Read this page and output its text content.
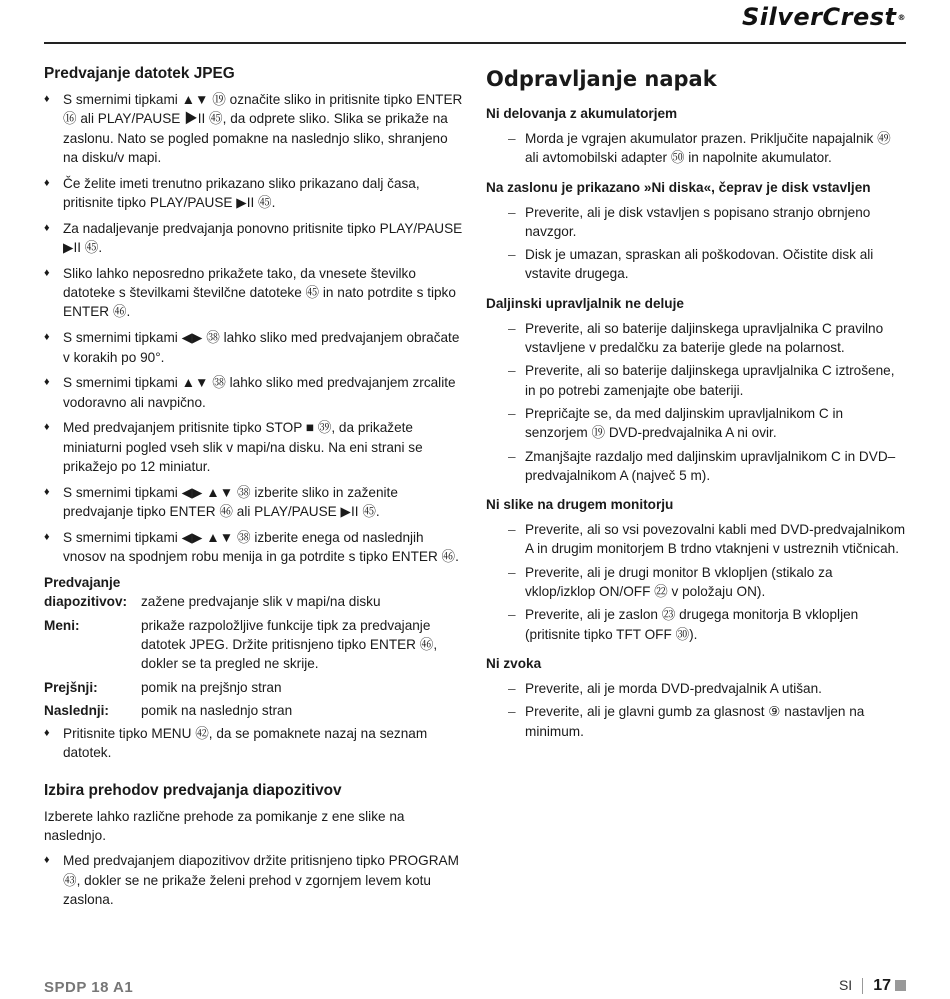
SilverCrest®
Predvajanje datotek JPEG
♦ S smernimi tipkami ▲▼ ⑲ označite sliko in pritisnite tipko ENTER ⑯ ali PLAY/PAUSE ▶II ㊺, da odprete sliko. Slika se prikaže na zaslonu. Nato se pogled pomakne na naslednjo sliko, shranjeno na disku/v mapi.
♦ Če želite imeti trenutno prikazano sliko prikazano dalj časa, pritisnite tipko PLAY/PAUSE ▶II ㊺.
♦ Za nadaljevanje predvajanja ponovno pritisnite tipko PLAY/PAUSE ▶II ㊺.
♦ Sliko lahko neposredno prikažete tako, da vnesete številko datoteke s številkami številčne datoteke ㊺ in nato potrdite s tipko ENTER ㊻.
♦ S smernimi tipkami ◀▶ ㊳ lahko sliko med predvajanjem obračate v korakih po 90°.
♦ S smernimi tipkami ▲▼ ㊳ lahko sliko med predvajanjem zrcalite vodoravno ali navpično.
♦ Med predvajanjem pritisnite tipko STOP ■ ㊴, da prikažete miniaturni pogled vseh slik v mapi/na disku. Na eni strani se prikažejo po 12 miniatur.
♦ S smernimi tipkami ◀▶ ▲▼ ㊳ izberite sliko in zaženite predvajanje tipko ENTER ㊻ ali PLAY/PAUSE ▶II ㊺.
♦ S smernimi tipkami ◀▶ ▲▼ ㊳ izberite enega od naslednjih vnosov na spodnjem robu menija in ga potrdite s tipko ENTER ㊻.
Predvajanje
diapozitivov:	zažene predvajanje slik v mapi/na disku
Meni:	prikaže razpoložljive funkcije tipk za predvajanje datotek JPEG. Držite pritisnjeno tipko ENTER ㊻, dokler se ta pregled ne skrije.
Prejšnji:	pomik na prejšnjo stran
Naslednji:	pomik na naslednjo stran
♦ Pritisnite tipko MENU ㊷, da se pomaknete nazaj na seznam datotek.
Izbira prehodov predvajanja diapozitivov
Izberete lahko različne prehode za pomikanje z ene slike na naslednjo.
♦ Med predvajanjem diapozitivov držite pritisnjeno tipko PROGRAM ㊸, dokler se ne prikaže želeni prehod v zgornjem levem kotu zaslona.
Odpravljanje napak
Ni delovanja z akumulatorjem
– Morda je vgrajen akumulator prazen. Priključite napajalnik ㊾ ali avtomobilski adapter ㊿ in napolnite akumulator.
Na zaslonu je prikazano »Ni diska«, čeprav je disk vstavljen
– Preverite, ali je disk vstavljen s popisano stranjo obrnjeno navzgor.
– Disk je umazan, spraskan ali poškodovan. Očistite disk ali vstavite drugega.
Daljinski upravljalnik ne deluje
– Preverite, ali so baterije daljinskega upravljalnika C pravilno vstavljene v predalčku za baterije glede na polarnost.
– Preverite, ali so baterije daljinskega upravljalnika C iztrošene, in po potrebi zamenjajte obe bateriji.
– Prepričajte se, da med daljinskim upravljalnikom C in senzorjem ⑲ DVD-predvajalnika A ni ovir.
– Zmanjšajte razdaljo med daljinskim upravljalnikom C in DVD–predvajalnikom A (največ 5 m).
Ni slike na drugem monitorju
– Preverite, ali so vsi povezovalni kabli med DVD-predvajalnikom A in drugim monitorjem B trdno vtaknjeni v ustreznih vtičnicah.
– Preverite, ali je drugi monitor B vklopljen (stikalo za vklop/izklop ON/OFF ㉒ v položaju ON).
– Preverite, ali je zaslon ㉓ drugega monitorja B vklopljen (pritisnite tipko TFT OFF ㉚).
Ni zvoka
– Preverite, ali je morda DVD-predvajalnik A utišan.
– Preverite, ali je glavni gumb za glasnost ⑨ nastavljen na minimum.
SPDP 18 A1	SI 17
